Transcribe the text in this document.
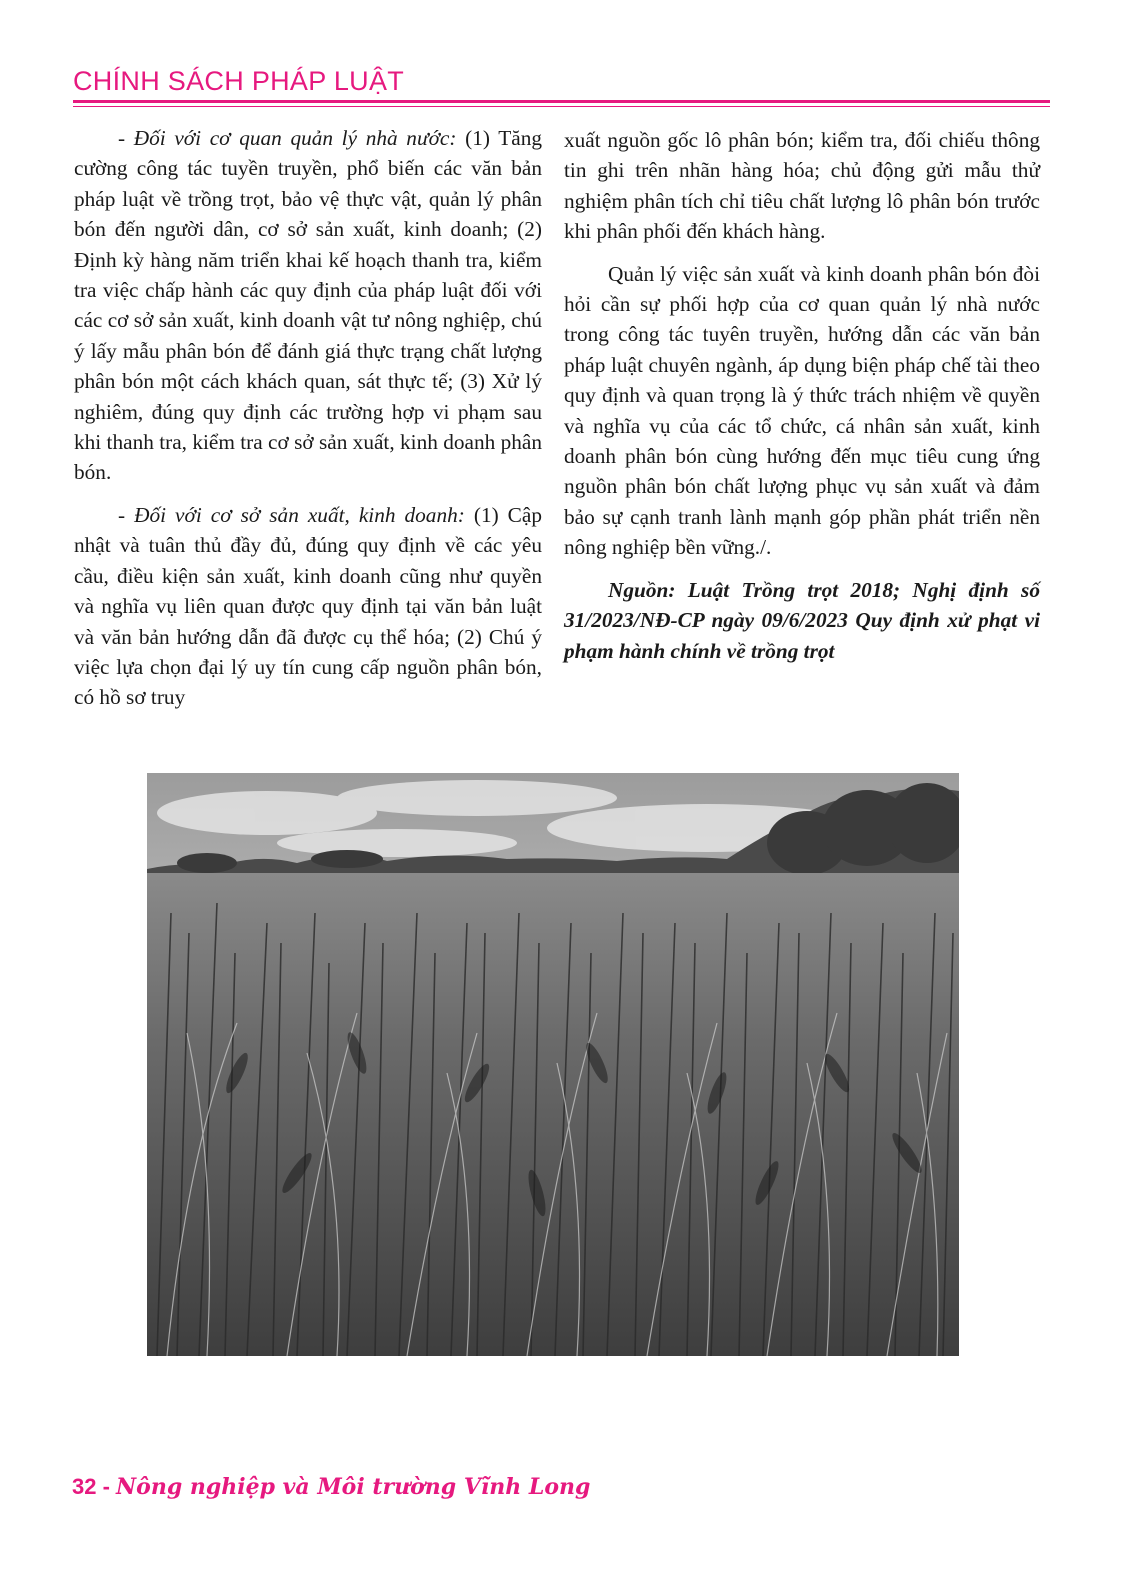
CHÍNH SÁCH PHÁP LUẬT

- Đối với cơ quan quản lý nhà nước: (1) Tăng cường công tác tuyền truyền, phổ biến các văn bản pháp luật về trồng trọt, bảo vệ thực vật, quản lý phân bón đến người dân, cơ sở sản xuất, kinh doanh; (2) Định kỳ hàng năm triển khai kế hoạch thanh tra, kiểm tra việc chấp hành các quy định của pháp luật đối với các cơ sở sản xuất, kinh doanh vật tư nông nghiệp, chú ý lấy mẫu phân bón để đánh giá thực trạng chất lượng phân bón một cách khách quan, sát thực tế; (3) Xử lý nghiêm, đúng quy định các trường hợp vi phạm sau khi thanh tra, kiểm tra cơ sở sản xuất, kinh doanh phân bón.

- Đối với cơ sở sản xuất, kinh doanh: (1) Cập nhật và tuân thủ đầy đủ, đúng quy định về các yêu cầu, điều kiện sản xuất, kinh doanh cũng như quyền và nghĩa vụ liên quan được quy định tại văn bản luật và văn bản hướng dẫn đã được cụ thể hóa; (2) Chú ý việc lựa chọn đại lý uy tín cung cấp nguồn phân bón, có hồ sơ truy

xuất nguồn gốc lô phân bón; kiểm tra, đối chiếu thông tin ghi trên nhãn hàng hóa; chủ động gửi mẫu thử nghiệm phân tích chỉ tiêu chất lượng lô phân bón trước khi phân phối đến khách hàng.

Quản lý việc sản xuất và kinh doanh phân bón đòi hỏi cần sự phối hợp của cơ quan quản lý nhà nước trong công tác tuyên truyền, hướng dẫn các văn bản pháp luật chuyên ngành, áp dụng biện pháp chế tài theo quy định và quan trọng là ý thức trách nhiệm về quyền và nghĩa vụ của các tổ chức, cá nhân sản xuất, kinh doanh phân bón cùng hướng đến mục tiêu cung ứng nguồn phân bón chất lượng phục vụ sản xuất và đảm bảo sự cạnh tranh lành mạnh góp phần phát triển nền nông nghiệp bền vững./.

Nguồn: Luật Trồng trọt 2018; Nghị định số 31/2023/NĐ-CP ngày 09/6/2023 Quy định xử phạt vi phạm hành chính về trồng trọt

32 - Nông nghiệp và Môi trường Vĩnh Long
